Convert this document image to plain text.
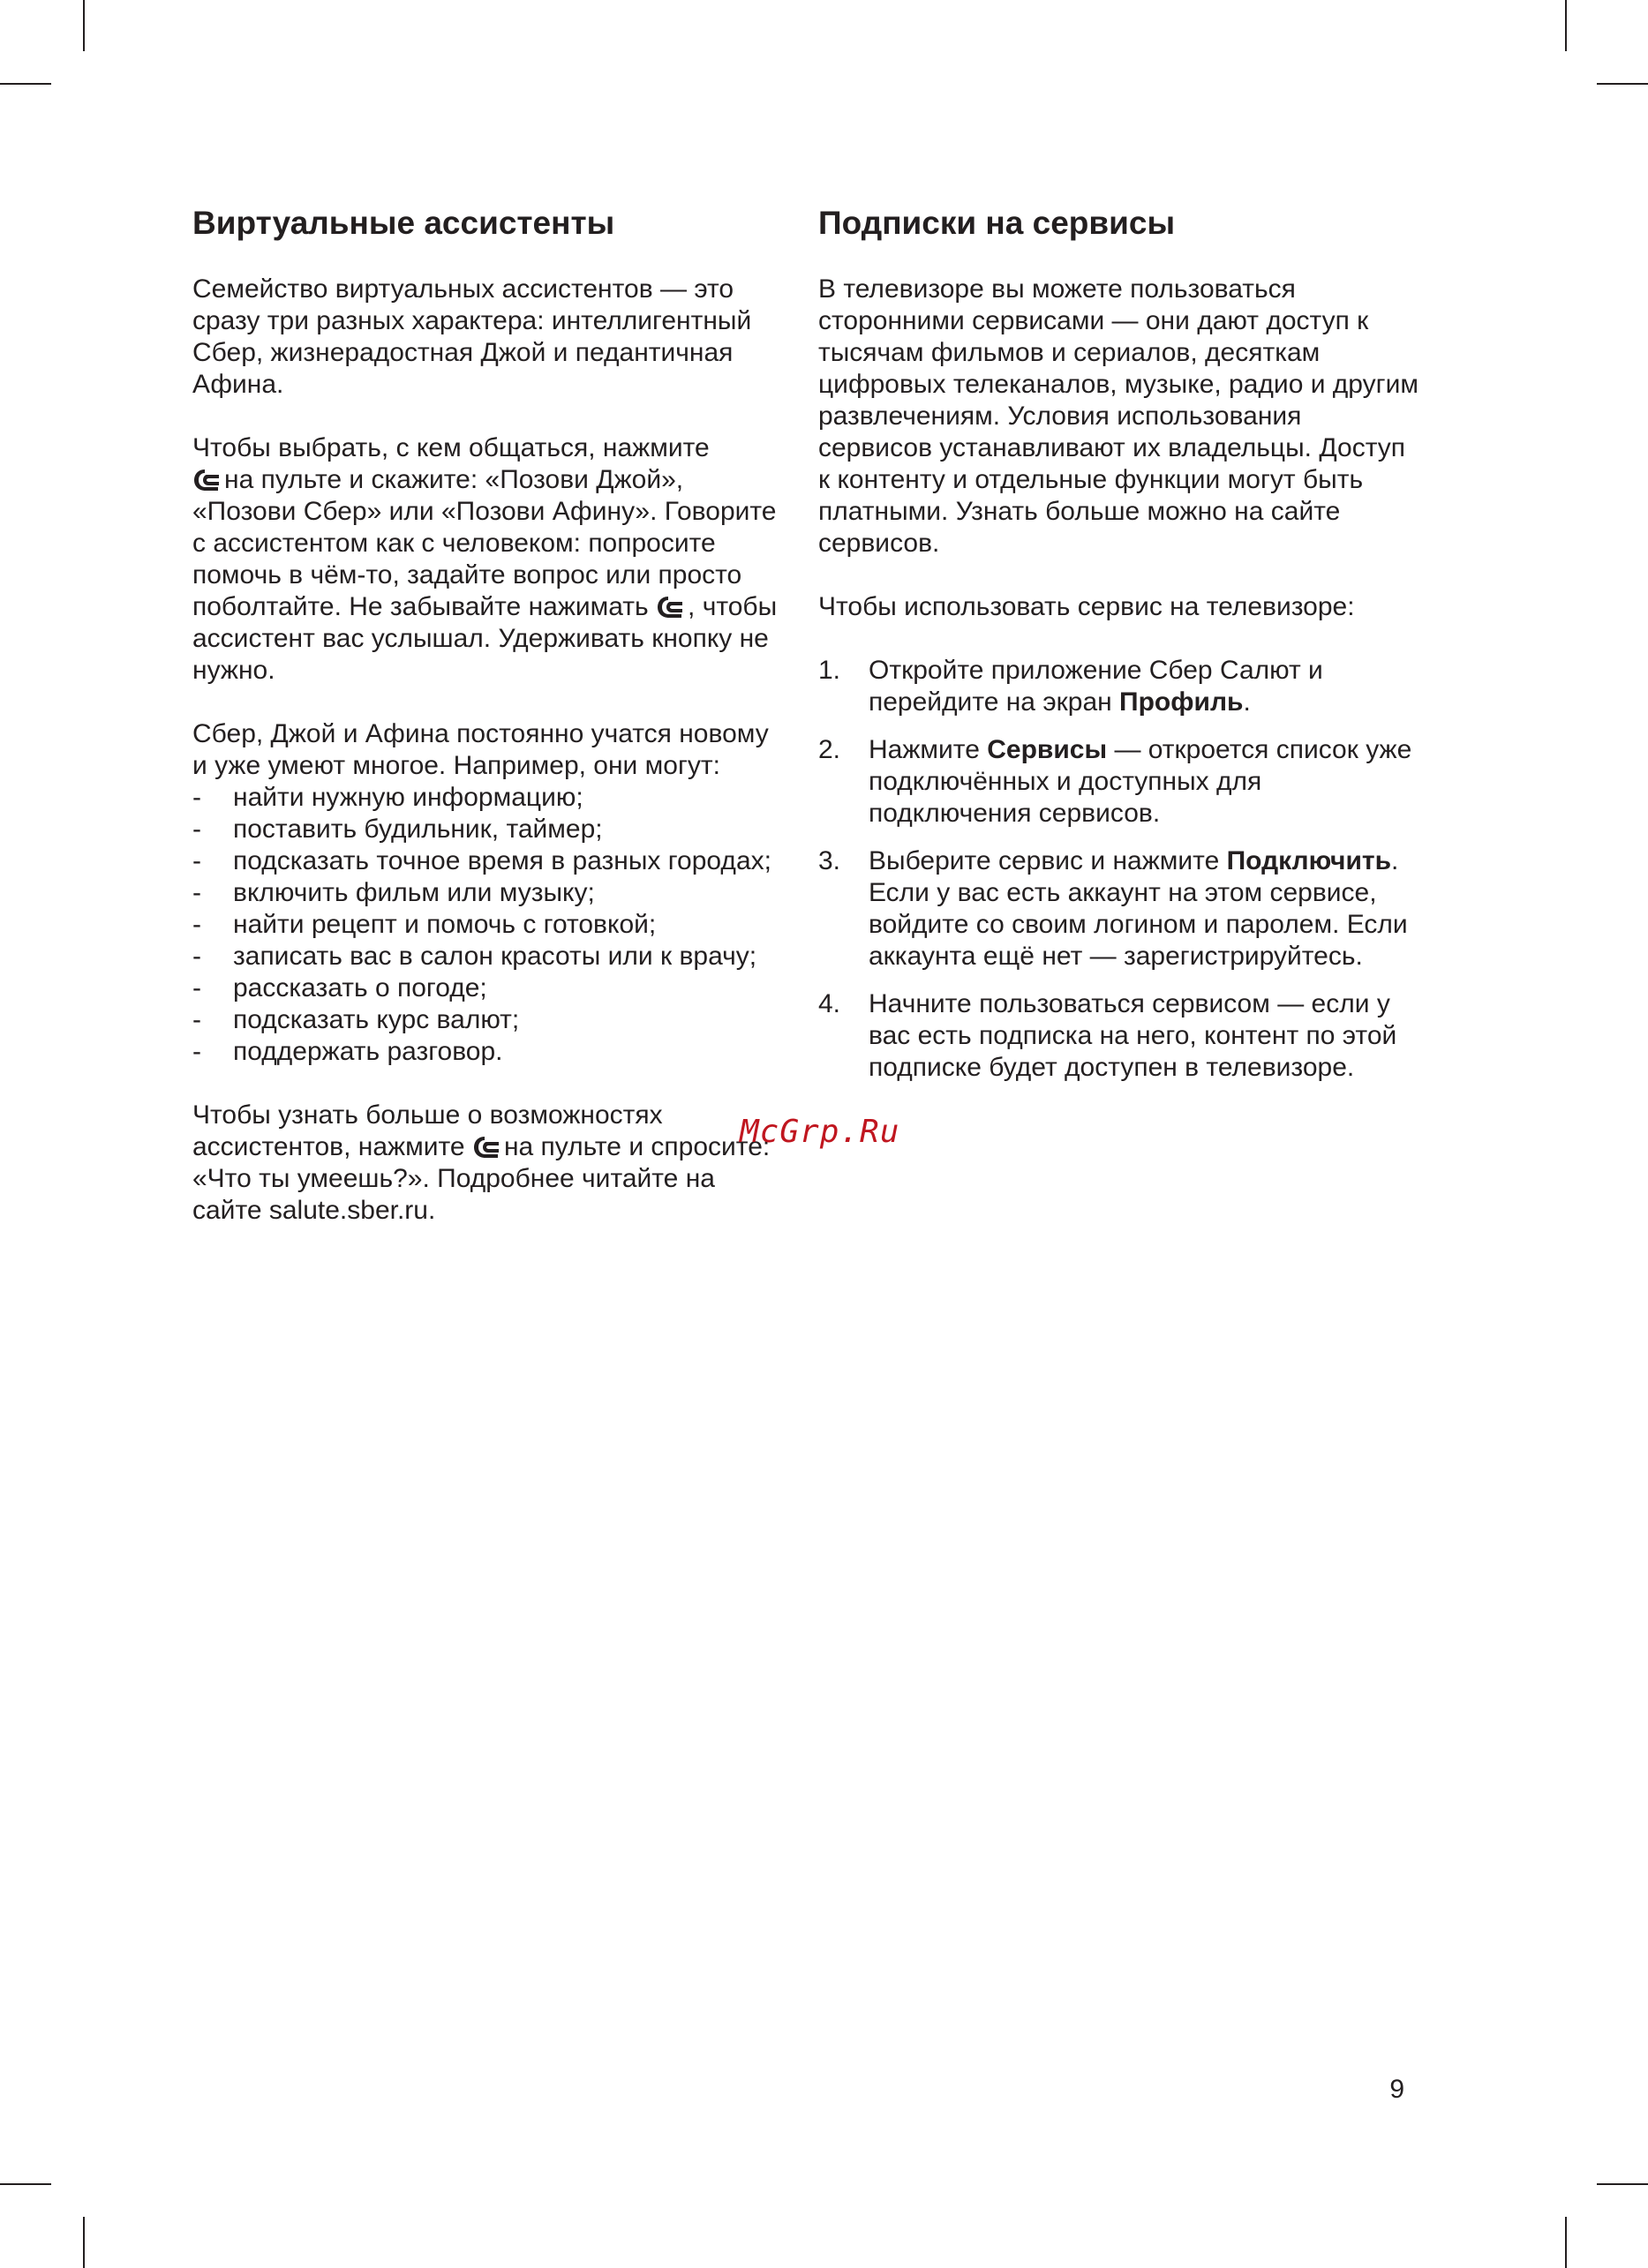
Виртуальные ассистенты

Семейство виртуальных ассистентов — это сразу три разных характера: интеллигентный Сбер, жизнерадостная Джой и педантичная Афина.

Чтобы выбрать, с кем общаться, нажмите
на пульте и скажите: «Позови Джой», «Позови Сбер» или «Позови Афину». Говорите с ассистентом как с человеком: попросите помочь в чём-то, задайте вопрос или просто поболтайте. Не забывайте нажимать , чтобы ассистент вас услышал. Удерживать кнопку не нужно.

Сбер, Джой и Афина постоянно учатся новому и уже умеют многое. Например, они могут:

- найти нужную информацию;
- поставить будильник, таймер;
- подсказать точное время в разных городах;
- включить фильм или музыку;
- найти рецепт и помочь с готовкой;
- записать вас в салон красоты или к врачу;
- рассказать о погоде;
- подсказать курс валют;
- поддержать разговор.

Чтобы узнать больше о возможностях ассистентов, нажмите на пульте и спросите: «Что ты умеешь?». Подробнее читайте на сайте salute.sber.ru.

Подписки на сервисы

В телевизоре вы можете пользоваться сторонними сервисами — они дают доступ к тысячам фильмов и сериалов, десяткам цифровых телеканалов, музыке, радио и другим развлечениям. Условия использования сервисов устанавливают их владельцы. Доступ к контенту и отдельные функции могут быть платными. Узнать больше можно на сайте сервисов.

Чтобы использовать сервис на телевизоре:

1. Откройте приложение Сбер Салют и перейдите на экран Профиль.
2. Нажмите Сервисы — откроется список уже подключённых и доступных для подключения сервисов.
3. Выберите сервис и нажмите Подключить. Если у вас есть аккаунт на этом сервисе, войдите со своим логином и паролем. Если аккаунта ещё нет — зарегистрируйтесь.
4. Начните пользоваться сервисом — если у вас есть подписка на него, контент по этой подписке будет доступен в телевизоре.
McGrp.Ru
9
